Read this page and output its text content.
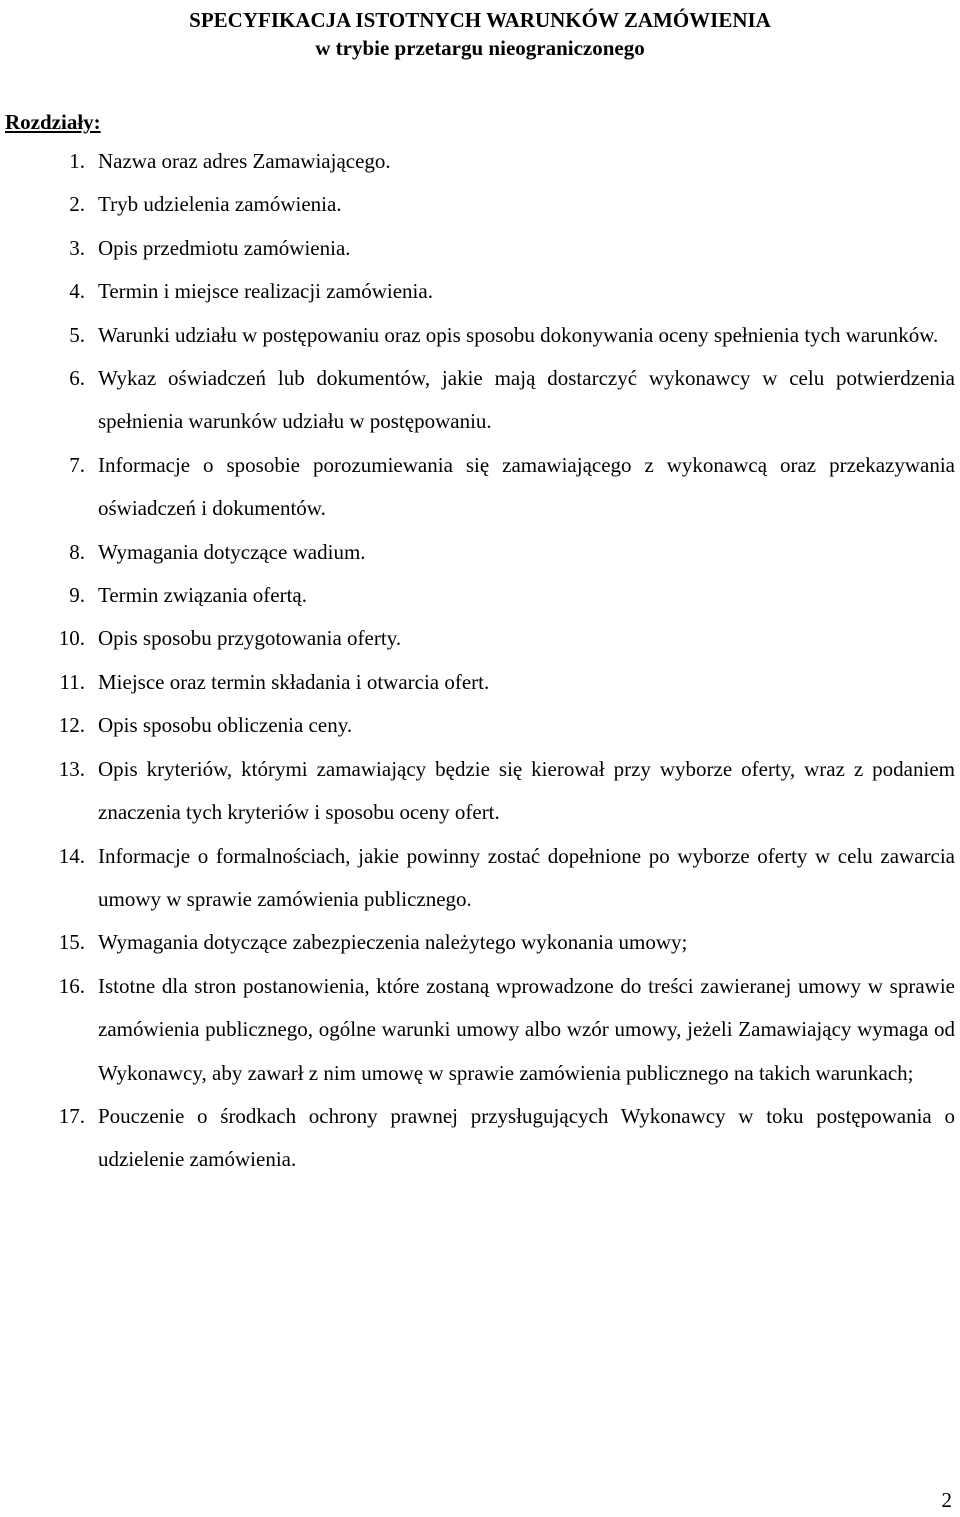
SPECYFIKACJA ISTOTNYCH WARUNKÓW ZAMÓWIENIA
w trybie przetargu nieograniczonego
Rozdziały:
1. Nazwa oraz adres Zamawiającego.
2. Tryb udzielenia zamówienia.
3. Opis przedmiotu zamówienia.
4. Termin i miejsce realizacji zamówienia.
5. Warunki udziału w postępowaniu oraz opis sposobu dokonywania oceny spełnienia tych warunków.
6. Wykaz oświadczeń lub dokumentów, jakie mają dostarczyć wykonawcy w celu potwierdzenia spełnienia warunków udziału w postępowaniu.
7. Informacje o sposobie porozumiewania się zamawiającego z wykonawcą oraz przekazywania oświadczeń i dokumentów.
8. Wymagania dotyczące wadium.
9. Termin związania ofertą.
10. Opis sposobu przygotowania oferty.
11. Miejsce oraz termin składania i otwarcia ofert.
12. Opis sposobu obliczenia ceny.
13. Opis kryteriów, którymi zamawiający będzie się kierował przy wyborze oferty, wraz z podaniem znaczenia tych kryteriów i sposobu oceny ofert.
14. Informacje o formalnościach, jakie powinny zostać dopełnione po wyborze oferty w celu zawarcia umowy w sprawie zamówienia publicznego.
15. Wymagania dotyczące zabezpieczenia należytego wykonania umowy;
16. Istotne dla stron postanowienia, które zostaną wprowadzone do treści zawieranej umowy w sprawie zamówienia publicznego, ogólne warunki umowy albo wzór umowy, jeżeli Zamawiający wymaga od Wykonawcy, aby zawarł z nim umowę w sprawie zamówienia publicznego na takich warunkach;
17. Pouczenie o środkach ochrony prawnej przysługujących Wykonawcy w toku postępowania o udzielenie zamówienia.
2
